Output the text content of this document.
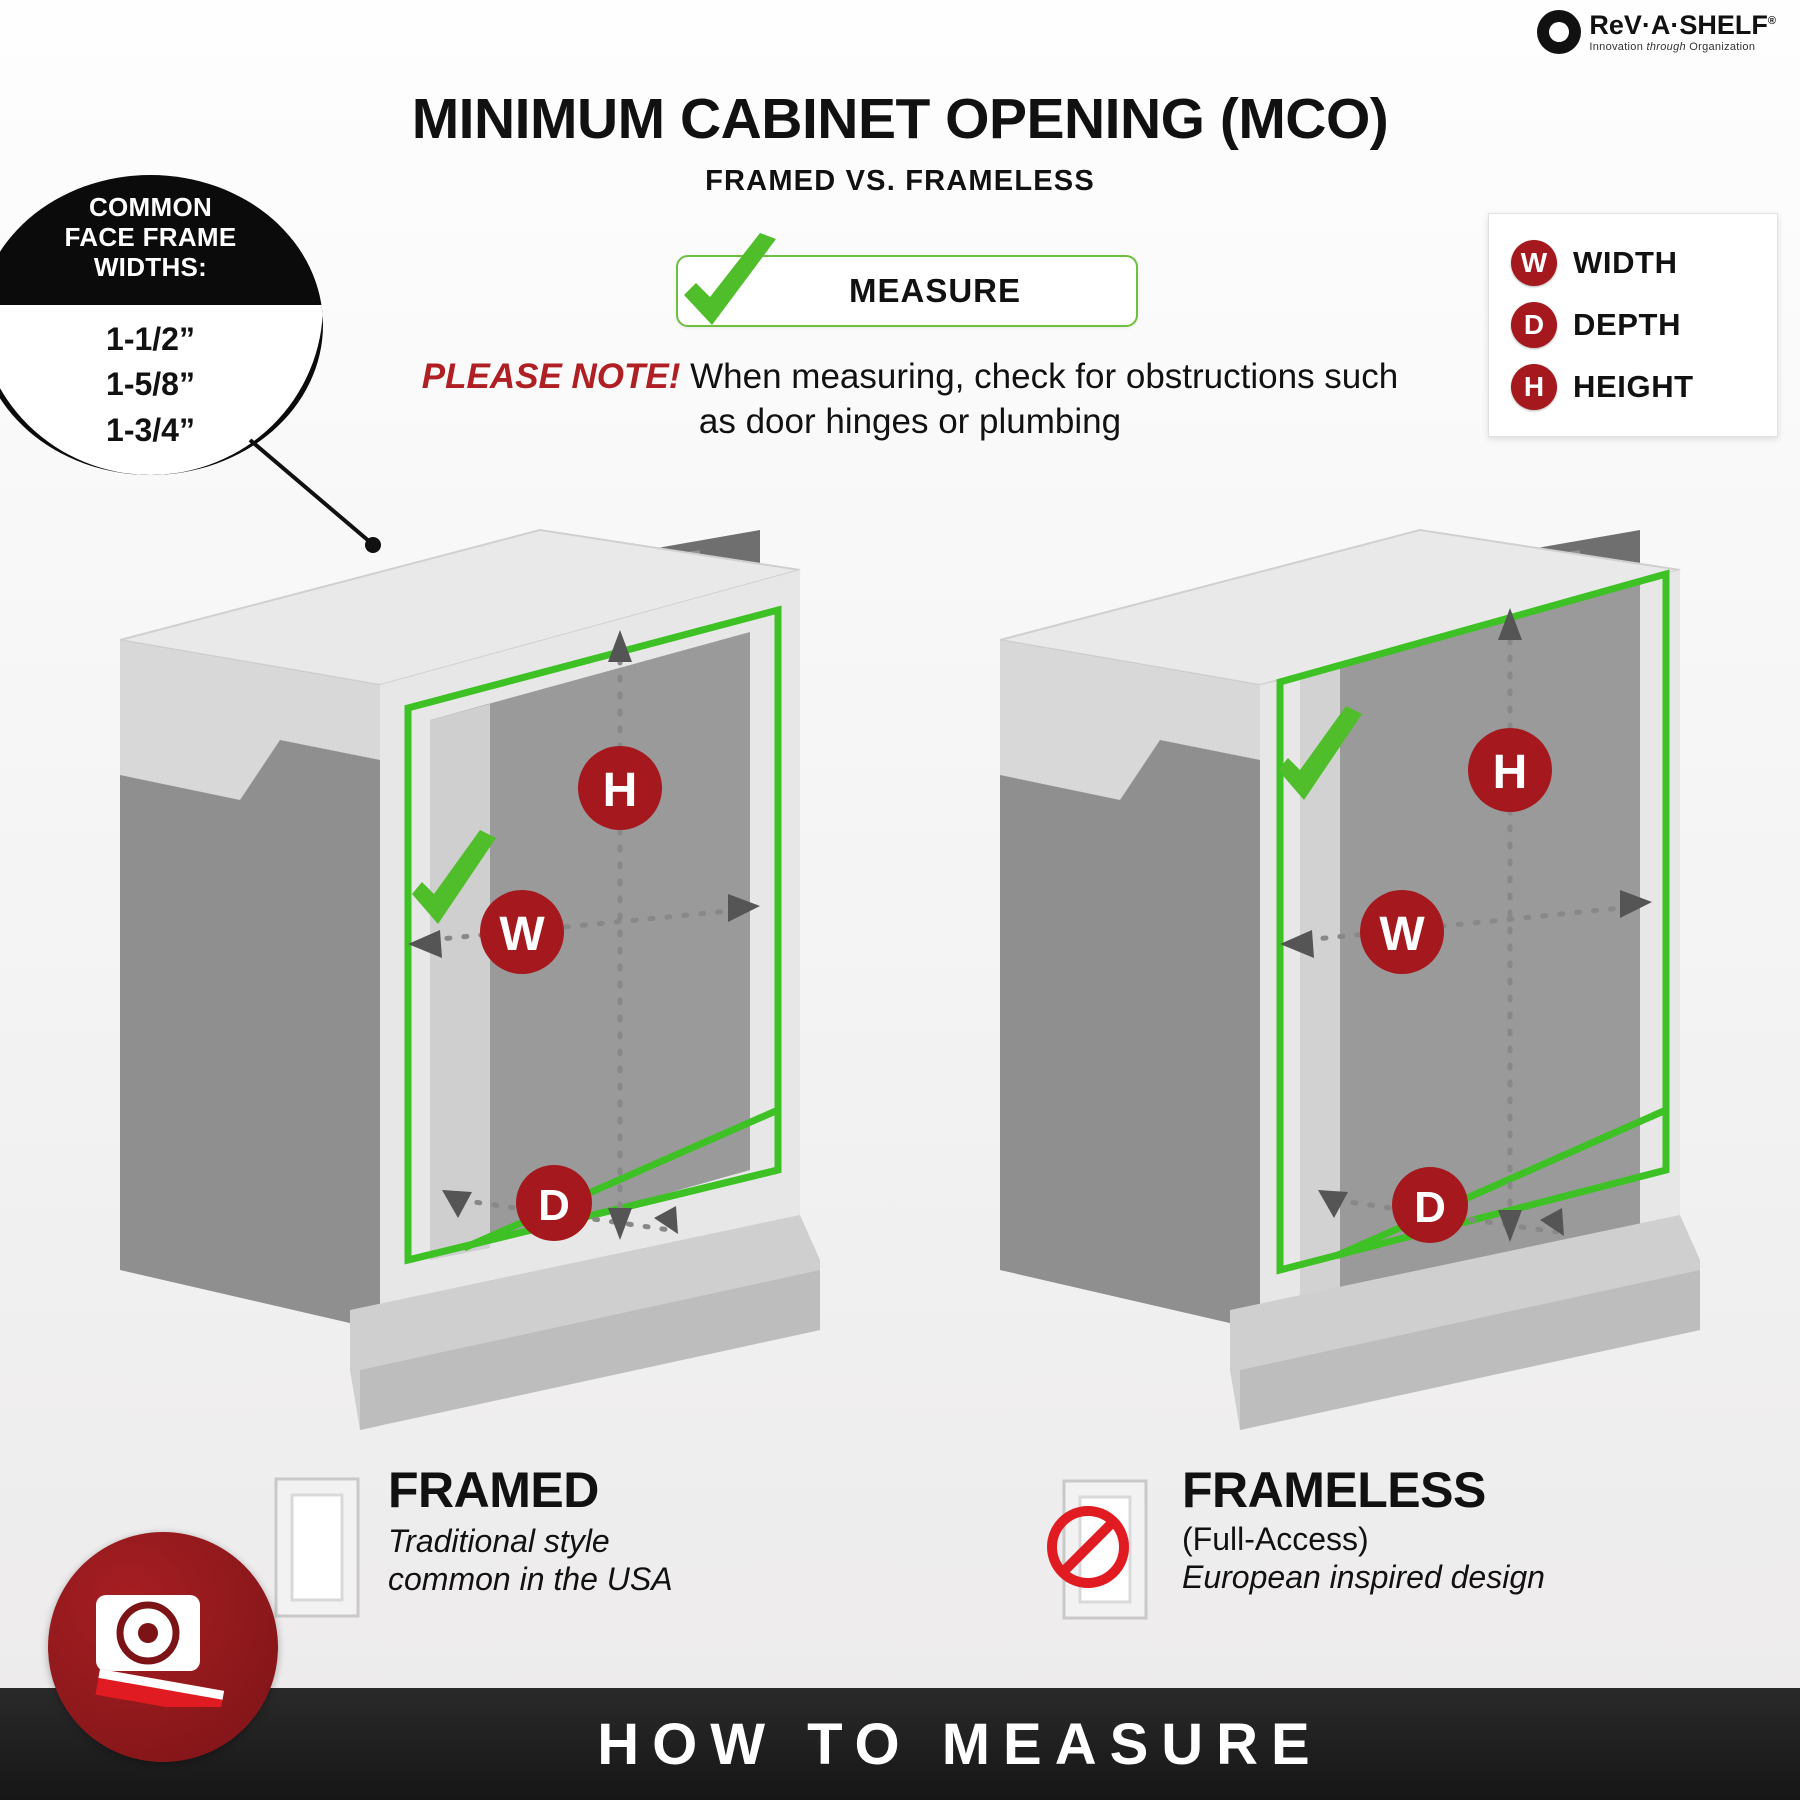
ReV·A·SHELF®
Innovation through Organization
MINIMUM CABINET OPENING (MCO)
FRAMED VS. FRAMELESS
COMMON
FACE FRAME
WIDTHS:
1-1/2”
1-5/8”
1-3/4”
MEASURE
PLEASE NOTE! When measuring, check for obstructions such as door hinges or plumbing
W WIDTH
D DEPTH
H HEIGHT
H
W
D
H
W
D
FRAMED
Traditional style
common in the USA
FRAMELESS
(Full-Access)
European inspired design
HOW TO MEASURE
